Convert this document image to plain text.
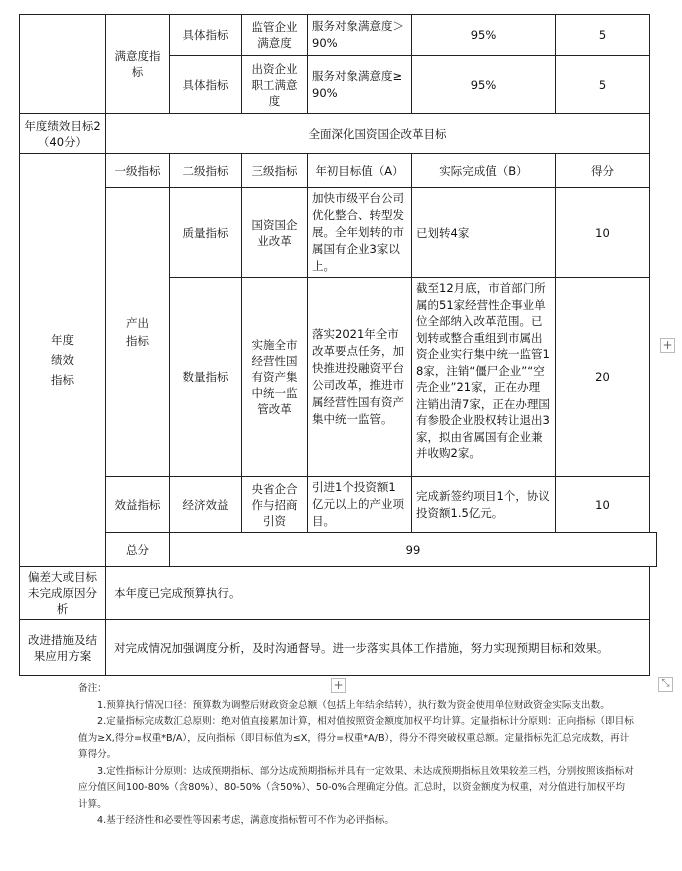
	满意度指标	具体指标	监管企业满意度	服务对象满意度＞90%	95%	5
		具体指标	出资企业职工满意度	服务对象满意度≥90%	95%	5
年度绩效目标2（40分）	全面深化国资国企改革目标					
年度绩效指标	一级指标	二级指标	三级指标	年初目标值（A）	实际完成值（B）	得分
	产出指标	质量指标	国资国企业改革	加快市级平台公司优化整合、转型发展。全年划转的市属国有企业3家以上。	已划转4家	10
		数量指标	实施全市经营性国有资产集中统一监管改革	落实2021年全市改革要点任务，加快推进投融资平台公司改革，推进市属经营性国有资产集中统一监管。	截至12月底，市首部门所属的51家经营性企事业单位全部纳入改革范围。已划转或整合重组到市属出资企业实行集中统一监管18家，注销“僵尸企业”“空壳企业”21家，正在办理注销出清7家，正在办理国有参股企业股权转让退出3家，拟由省属国有企业兼并收购2家。	20
	效益指标	经济效益	央省企合作与招商引资	引进1个投资额1亿元以上的产业项目。	完成新签约项目1个，协议投资额1.5亿元。	10
	总分	99				
偏差大或目标未完成原因分析	本年度已完成预算执行。					
改进措施及结果应用方案	对完成情况加强调度分析，及时沟通督导。进一步落实具体工作措施，努力实现预期目标和效果。					
+
+	⤡

备注：

1.预算执行情况口径：预算数为调整后财政资金总额（包括上年结余结转），执行数为资金使用单位财政资金实际支出数。

2.定量指标完成数汇总原则：绝对值直接累加计算，相对值按照资金额度加权平均计算。定量指标计分原则：正向指标（即目标值为≥X,得分=权重*B/A），反向指标（即目标值为≤X，得分=权重*A/B），得分不得突破权重总额。定量指标先汇总完成数，再计算得分。

3.定性指标计分原则：达成预期指标、部分达成预期指标并具有一定效果、未达成预期指标且效果较差三档，分别按照该指标对应分值区间100-80%（含80%）、80-50%（含50%）、50-0%合理确定分值。汇总时，以资金额度为权重，对分值进行加权平均计算。

4.基于经济性和必要性等因素考虑，满意度指标暂可不作为必评指标。
